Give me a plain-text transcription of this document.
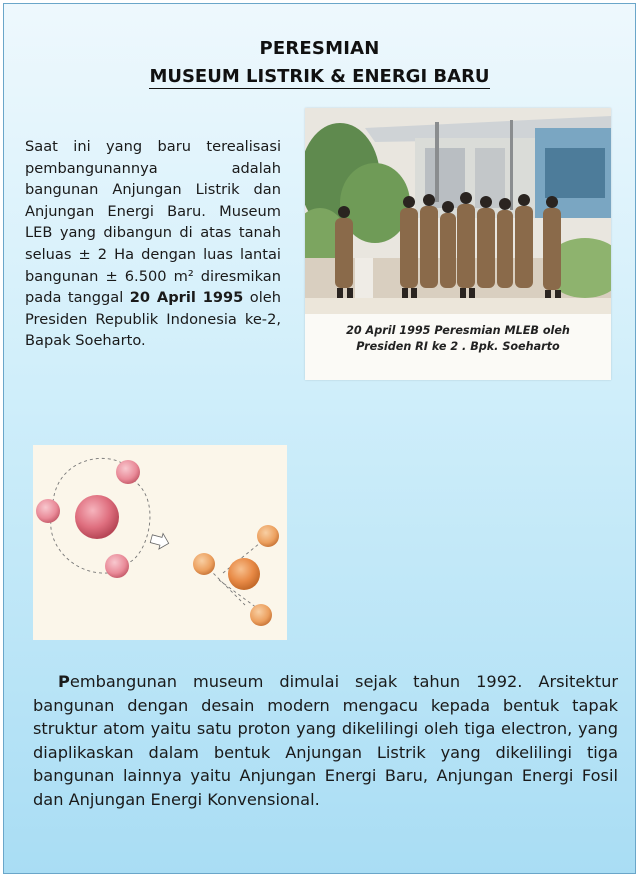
PERESMIAN
MUSEUM LISTRIK & ENERGI BARU
Saat ini yang baru terealisasi pembangunannya adalah bangunan Anjungan Listrik dan Anjungan Energi Baru. Museum LEB yang dibangun di atas tanah seluas ± 2 Ha dengan luas lantai bangunan ± 6.500 m² diresmikan pada tanggal 20 April 1995 oleh Presiden Republik Indonesia ke-2, Bapak Soeharto.
20 April 1995 Peresmian MLEB oleh
Presiden RI ke 2 . Bpk. Soeharto
Pembangunan museum dimulai sejak tahun 1992. Arsitektur bangunan dengan desain modern mengacu kepada bentuk tapak struktur atom yaitu satu proton yang dikelilingi oleh tiga electron, yang diaplikaskan dalam bentuk Anjungan Listrik yang dikelilingi tiga bangunan lainnya yaitu Anjungan Energi Baru, Anjungan Energi Fosil dan Anjungan Energi Konvensional.
